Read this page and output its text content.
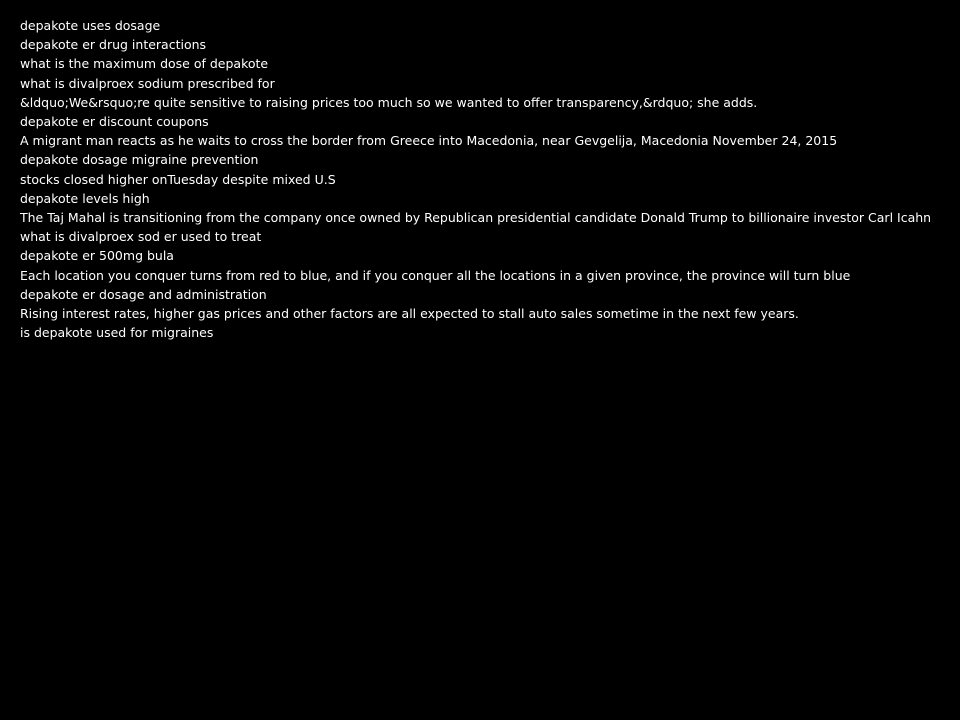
depakote uses dosage
depakote er drug interactions
what is the maximum dose of depakote
what is divalproex sodium prescribed for
&ldquo;We&rsquo;re quite sensitive to raising prices too much so we wanted to offer transparency,&rdquo; she adds.
depakote er discount coupons
A migrant man reacts as he waits to cross the border from Greece into Macedonia, near Gevgelija, Macedonia November 24, 2015
depakote dosage migraine prevention
stocks closed higher onTuesday despite mixed U.S
depakote levels high
The Taj Mahal is transitioning from the company once owned by Republican presidential candidate Donald Trump to billionaire investor Carl Icahn
what is divalproex sod er used to treat
depakote er 500mg bula
Each location you conquer turns from red to blue, and if you conquer all the locations in a given province, the province will turn blue
depakote er dosage and administration
Rising interest rates, higher gas prices and other factors are all expected to stall auto sales sometime in the next few years.
is depakote used for migraines
